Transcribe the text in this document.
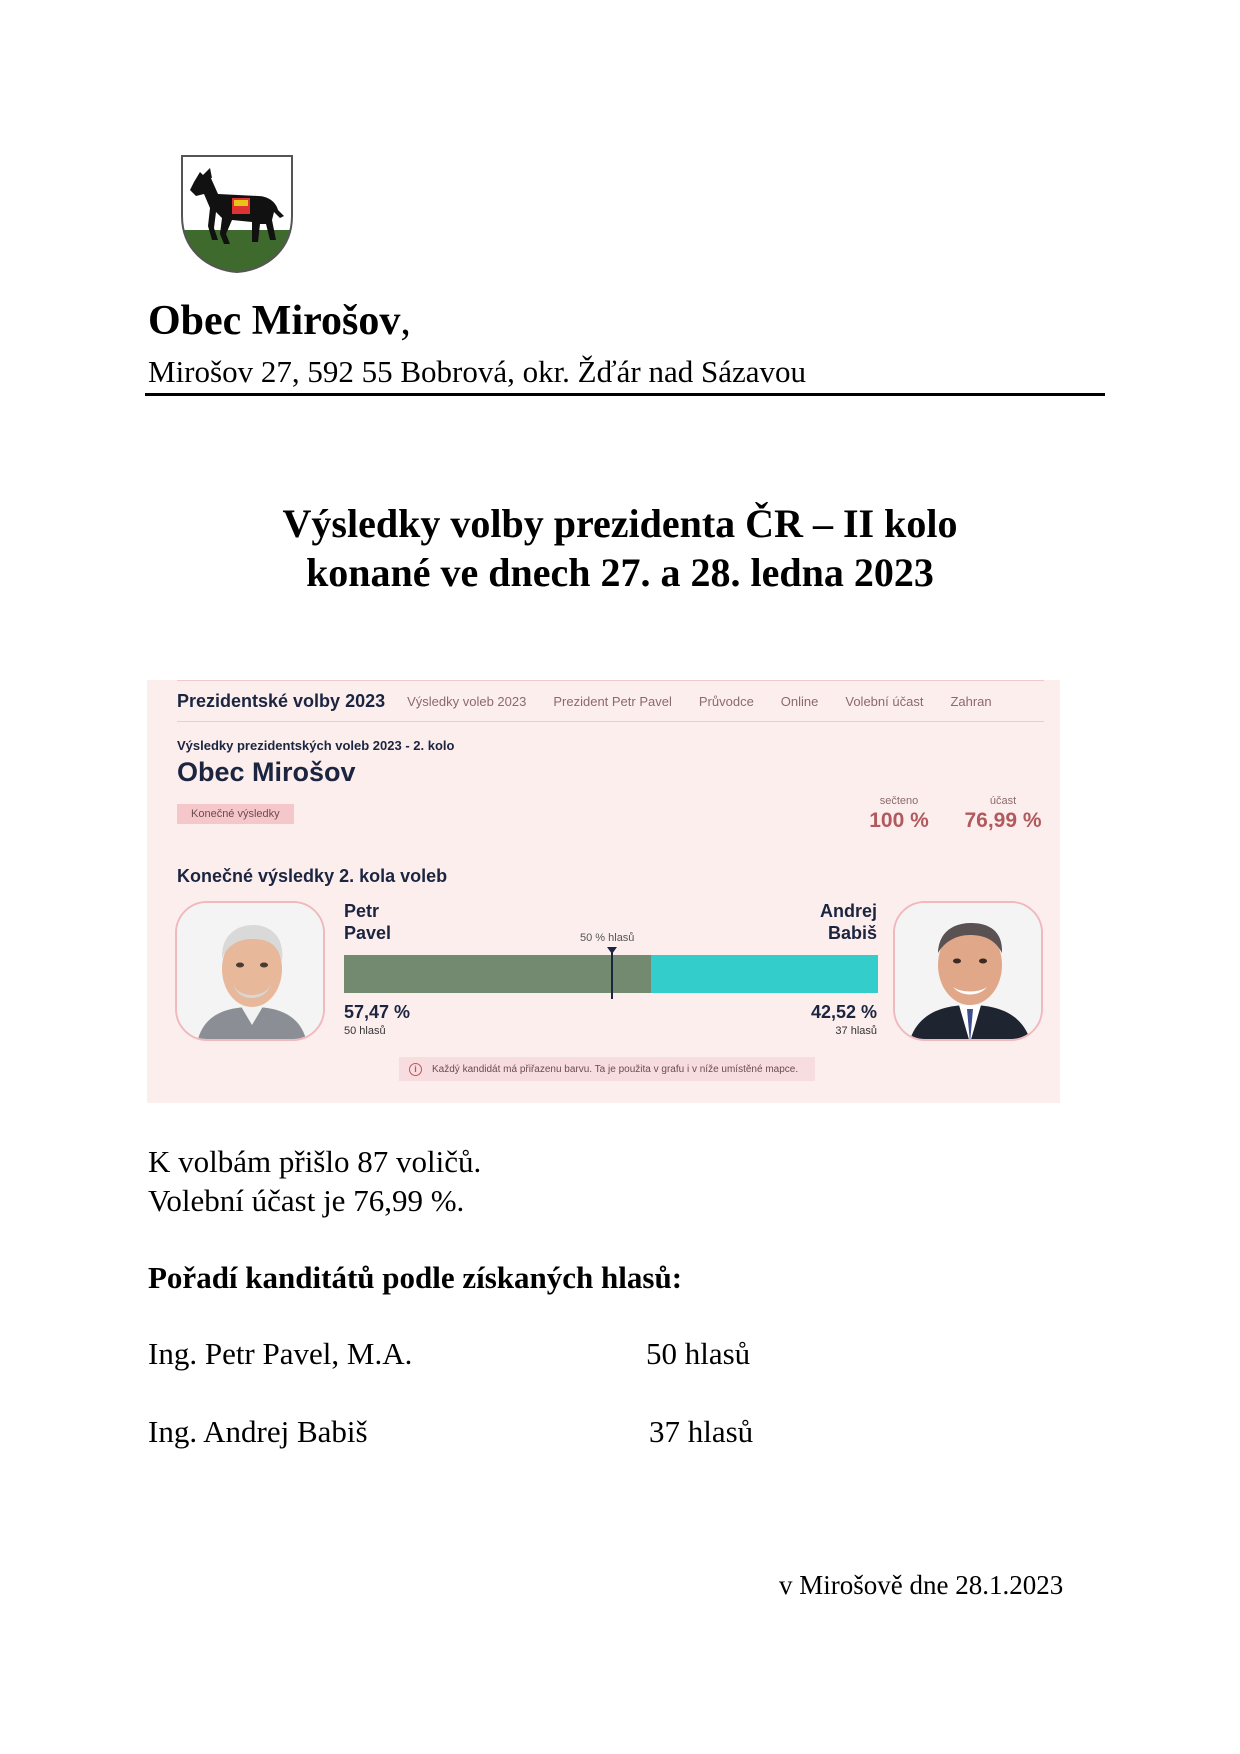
Obec Mirošov,
Mirošov 27, 592 55 Bobrová, okr. Žďár nad Sázavou
Výsledky volby prezidenta ČR – II kolo
konané ve dnech 27. a 28. ledna 2023
Prezidentské volby 2023 Výsledky voleb 2023 Prezident Petr Pavel Průvodce Online Volební účast Zahran
Výsledky prezidentských voleb 2023 - 2. kolo
Obec Mirošov
Konečné výsledky
sečteno
100 %
účast
76,99 %
Konečné výsledky 2. kola voleb
Petr
Pavel
Andrej
Babiš
50 % hlasů
57,47 %	42,52 %
50 hlasů	37 hlasů
i	Každý kandidát má přiřazenu barvu. Ta je použita v grafu i v níže umístěné mapce.
K volbám přišlo 87 voličů.
Volební účast je 76,99 %.
Pořadí kanditátů podle získaných hlasů:
Ing. Petr Pavel, M.A.	50 hlasů
Ing. Andrej Babiš	37 hlasů
v Mirošově dne 28.1.2023
